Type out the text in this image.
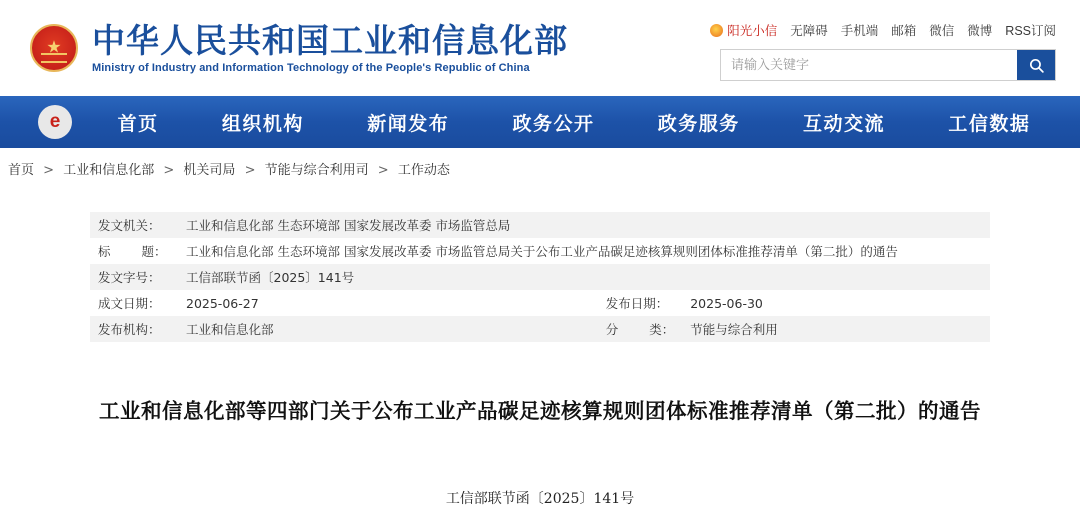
★
中华人民共和国工业和信息化部
Ministry of Industry and Information Technology of the People's Republic of China
阳光小信 无障碍 手机端 邮箱 微信 微博 RSS订阅
请输入关键字
e	首页	组织机构	新闻发布	政务公开	政务服务	互动交流	工信数据
首页 > 工业和信息化部 > 机关司局 > 节能与综合利用司 > 工作动态
发文机关：	工业和信息化部 生态环境部 国家发展改革委 市场监管总局		
标题：	工业和信息化部 生态环境部 国家发展改革委 市场监管总局关于公布工业产品碳足迹核算规则团体标准推荐清单（第二批）的通告		
发文字号：	工信部联节函〔2025〕141号		
成文日期：	2025-06-27	发布日期：	2025-06-30
发布机构：	工业和信息化部	分类：	节能与综合利用
工业和信息化部等四部门关于公布工业产品碳足迹核算规则团体标准推荐清单（第二批）的通告
工信部联节函〔2025〕141号
